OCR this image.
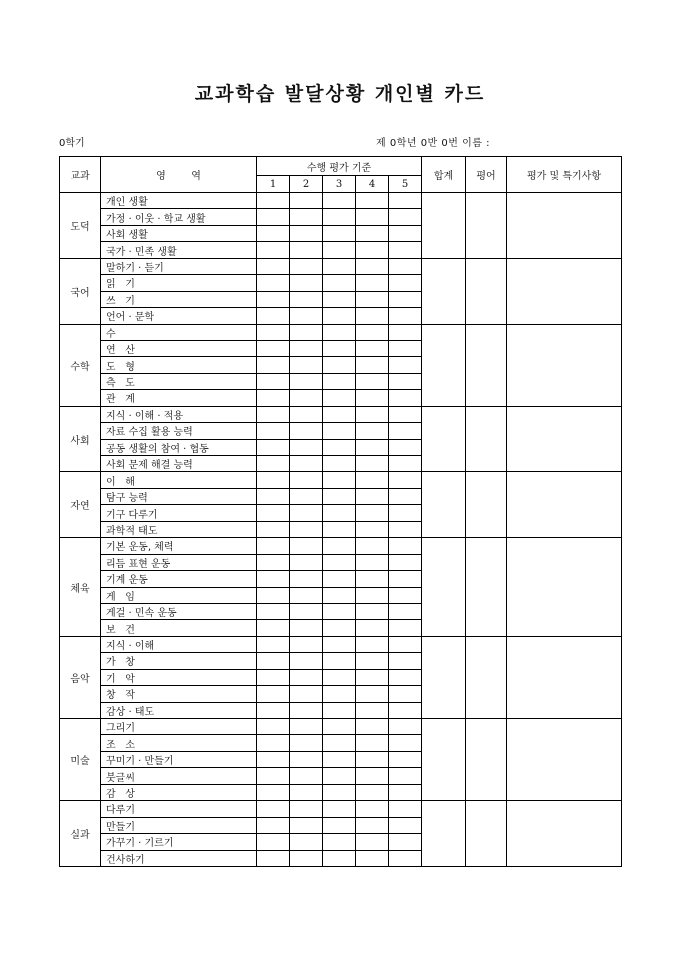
교과학습 발달상황 개인별 카드
0학기	제 0학년 0반 0번 이름 :
교과	영        역	수행 평가 기준					합계	평어	평가 및 특기사항
		1	2	3	4	5			
도덕	개인 생활								
	가정 · 이웃 · 학교 생활								
	사회 생활								
	국가 · 민족 생활								
국어	말하기 · 듣기								
	읽   기								
	쓰   기								
	언어 · 문학								
수학	수								
	연   산								
	도   형								
	측   도								
	관   계								
사회	지식 · 이해 · 적용								
	자료 수집 활용 능력								
	공동 생활의 참여 · 협동								
	사회 문제 해결 능력								
자연	이   해								
	탐구 능력								
	기구 다루기								
	과학적 태도								
체육	기본 운동, 체력								
	리듬 표현 운동								
	기계 운동								
	게   임								
	게걸 · 민속 운동								
	보   건								
음악	지식 · 이해								
	가   창								
	기   악								
	창   작								
	감상 · 태도								
미술	그리기								
	조   소								
	꾸미기 · 만들기								
	붓글씨								
	감   상								
실과	다루기								
	만들기								
	가꾸기 · 기르기								
	건사하기								
